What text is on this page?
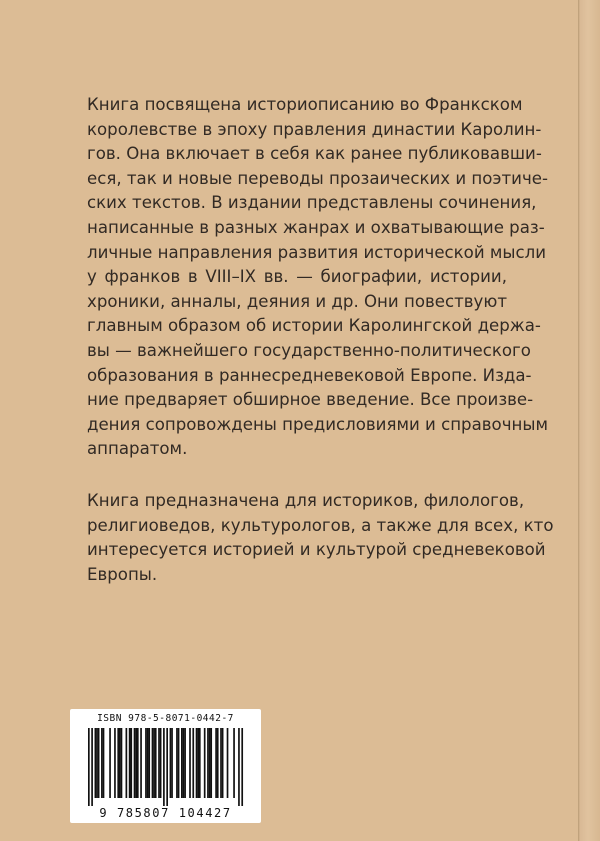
Книга посвящена историописанию во Франкском
королевстве в эпоху правления династии Каролин-
гов. Она включает в себя как ранее публиковавши-
еся, так и новые переводы прозаических и поэтиче-
ских текстов. В издании представлены сочинения,
написанные в разных жанрах и охватывающие раз-
личные направления развития исторической мысли
у франков в VIII–IX вв. — биографии, истории,
хроники, анналы, деяния и др. Они повествуют
главным образом об истории Каролингской держа-
вы — важнейшего государственно-политического
образования в раннесредневековой Европе. Изда-
ние предваряет обширное введение. Все произве-
дения сопровождены предисловиями и справочным
аппаратом.

Книга предназначена для историков, филологов,
религиоведов, культурологов, а также для всех, кто
интересуется историей и культурой средневековой
Европы.

ISBN 978-5-8071-0442-7
9 785807 104427
